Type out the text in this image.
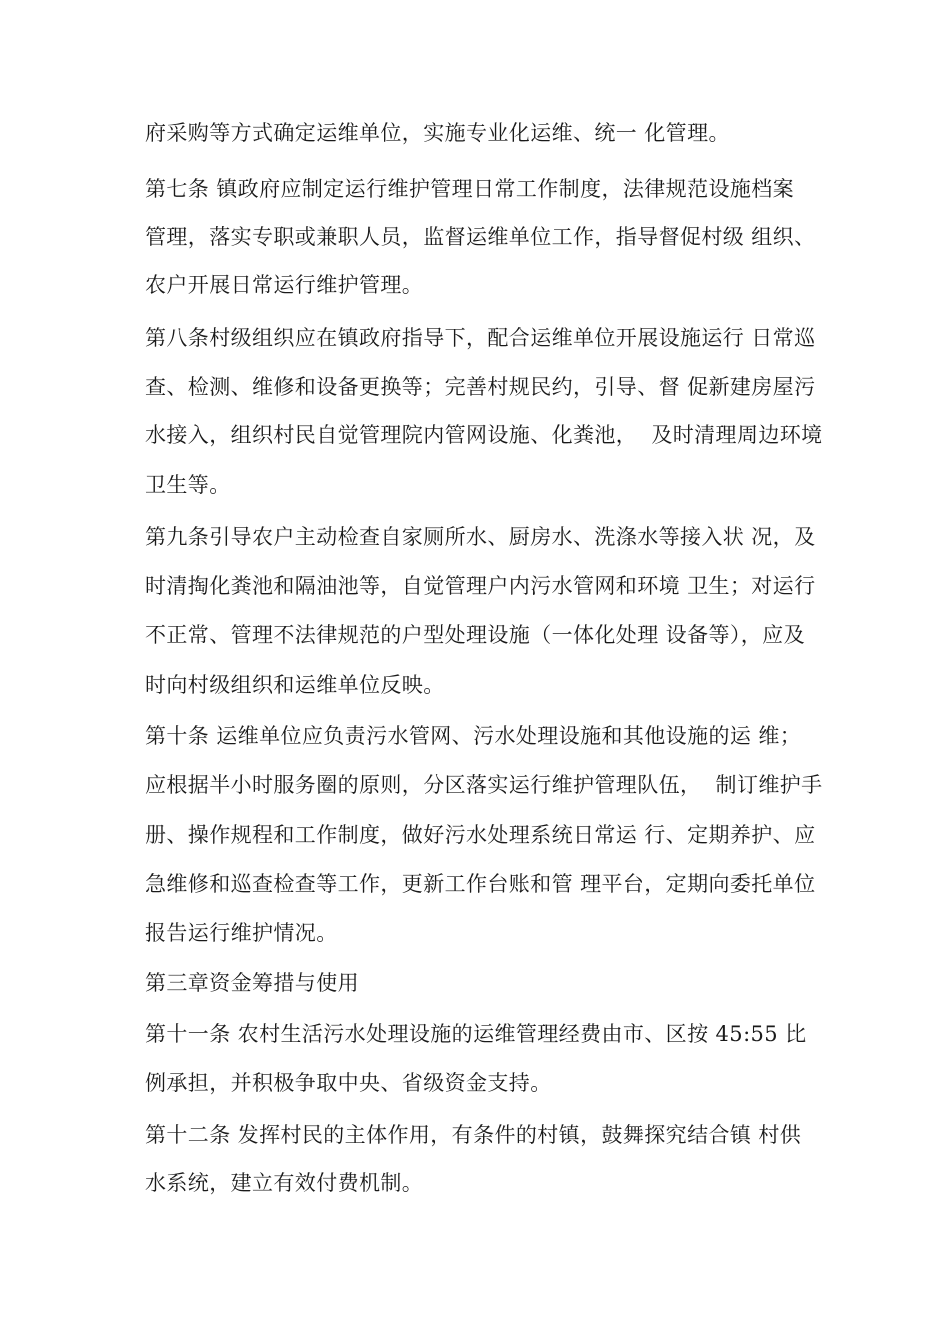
府采购等方式确定运维单位，实施专业化运维、统一 化管理。
第七条 镇政府应制定运行维护管理日常工作制度，法律规范设施档案
管理，落实专职或兼职人员，监督运维单位工作，指导督促村级 组织、
农户开展日常运行维护管理。
第八条村级组织应在镇政府指导下，配合运维单位开展设施运行 日常巡
查、检测、维修和设备更换等；完善村规民约，引导、督 促新建房屋污
水接入，组织村民自觉管理院内管网设施、化粪池，  及时清理周边环境
卫生等。
第九条引导农户主动检查自家厕所水、厨房水、洗涤水等接入状 况，及
时清掏化粪池和隔油池等，自觉管理户内污水管网和环境 卫生；对运行
不正常、管理不法律规范的户型处理设施（一体化处理 设备等），应及
时向村级组织和运维单位反映。
第十条 运维单位应负责污水管网、污水处理设施和其他设施的运 维；
应根据半小时服务圈的原则，分区落实运行维护管理队伍，  制订维护手
册、操作规程和工作制度，做好污水处理系统日常运 行、定期养护、应
急维修和巡查检查等工作，更新工作台账和管 理平台，定期向委托单位
报告运行维护情况。
第三章资金筹措与使用
第十一条 农村生活污水处理设施的运维管理经费由市、区按 45:55 比
例承担，并积极争取中央、省级资金支持。
第十二条 发挥村民的主体作用，有条件的村镇，鼓舞探究结合镇 村供
水系统，建立有效付费机制。
